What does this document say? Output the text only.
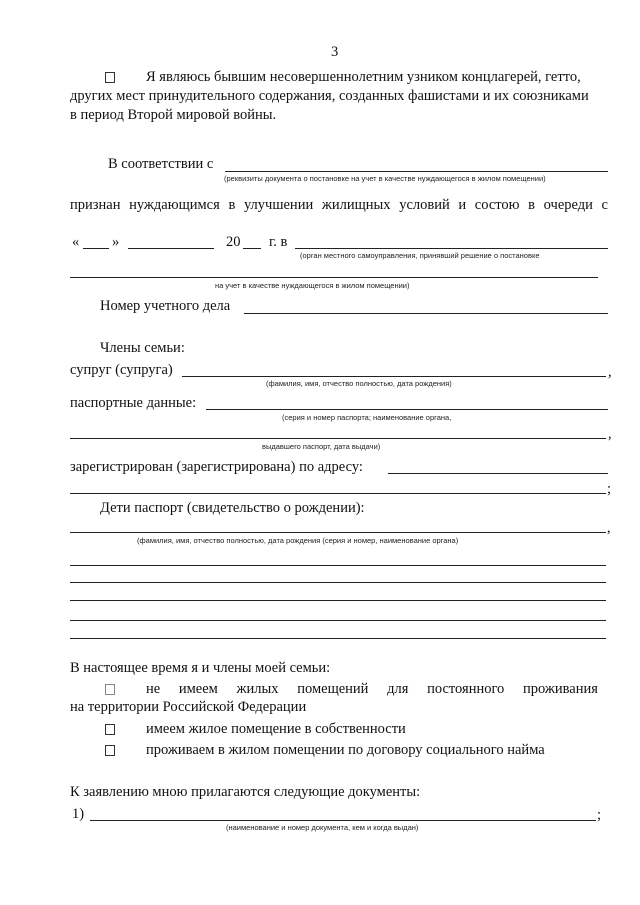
3
Я являюсь бывшим несовершеннолетним узником концлагерей, гетто,
других мест принудительного содержания, созданных фашистами и их союзниками
в период Второй мировой войны.
В соответствии с
(реквизиты документа о постановке на учет в качестве нуждающегося в жилом помещении)
признан нуждающимся в улучшении жилищных условий и состою в очереди с
« »	20 г. в
(орган местного самоуправления, принявший решение о постановке
на учет в качестве нуждающегося в жилом помещении)
Номер учетного дела
Члены семьи:
супруг (супруга)	,
(фамилия, имя, отчество полностью, дата рождения)
паспортные данные:
(серия и номер паспорта; наименование органа,
,
выдавшего паспорт, дата выдачи)
зарегистрирован (зарегистрирована) по адресу:
;
Дети паспорт (свидетельство о рождении):
,
(фамилия, имя, отчество полностью, дата рождения (серия и номер, наименование органа)
В настоящее время я и члены моей семьи:
не имеем жилых помещений для постоянного проживания
на территории Российской Федерации
имеем жилое помещение в собственности
проживаем в жилом помещении по договору социального найма
К заявлению мною прилагаются следующие документы:
1)	;
(наименование и номер документа, кем и когда выдан)
